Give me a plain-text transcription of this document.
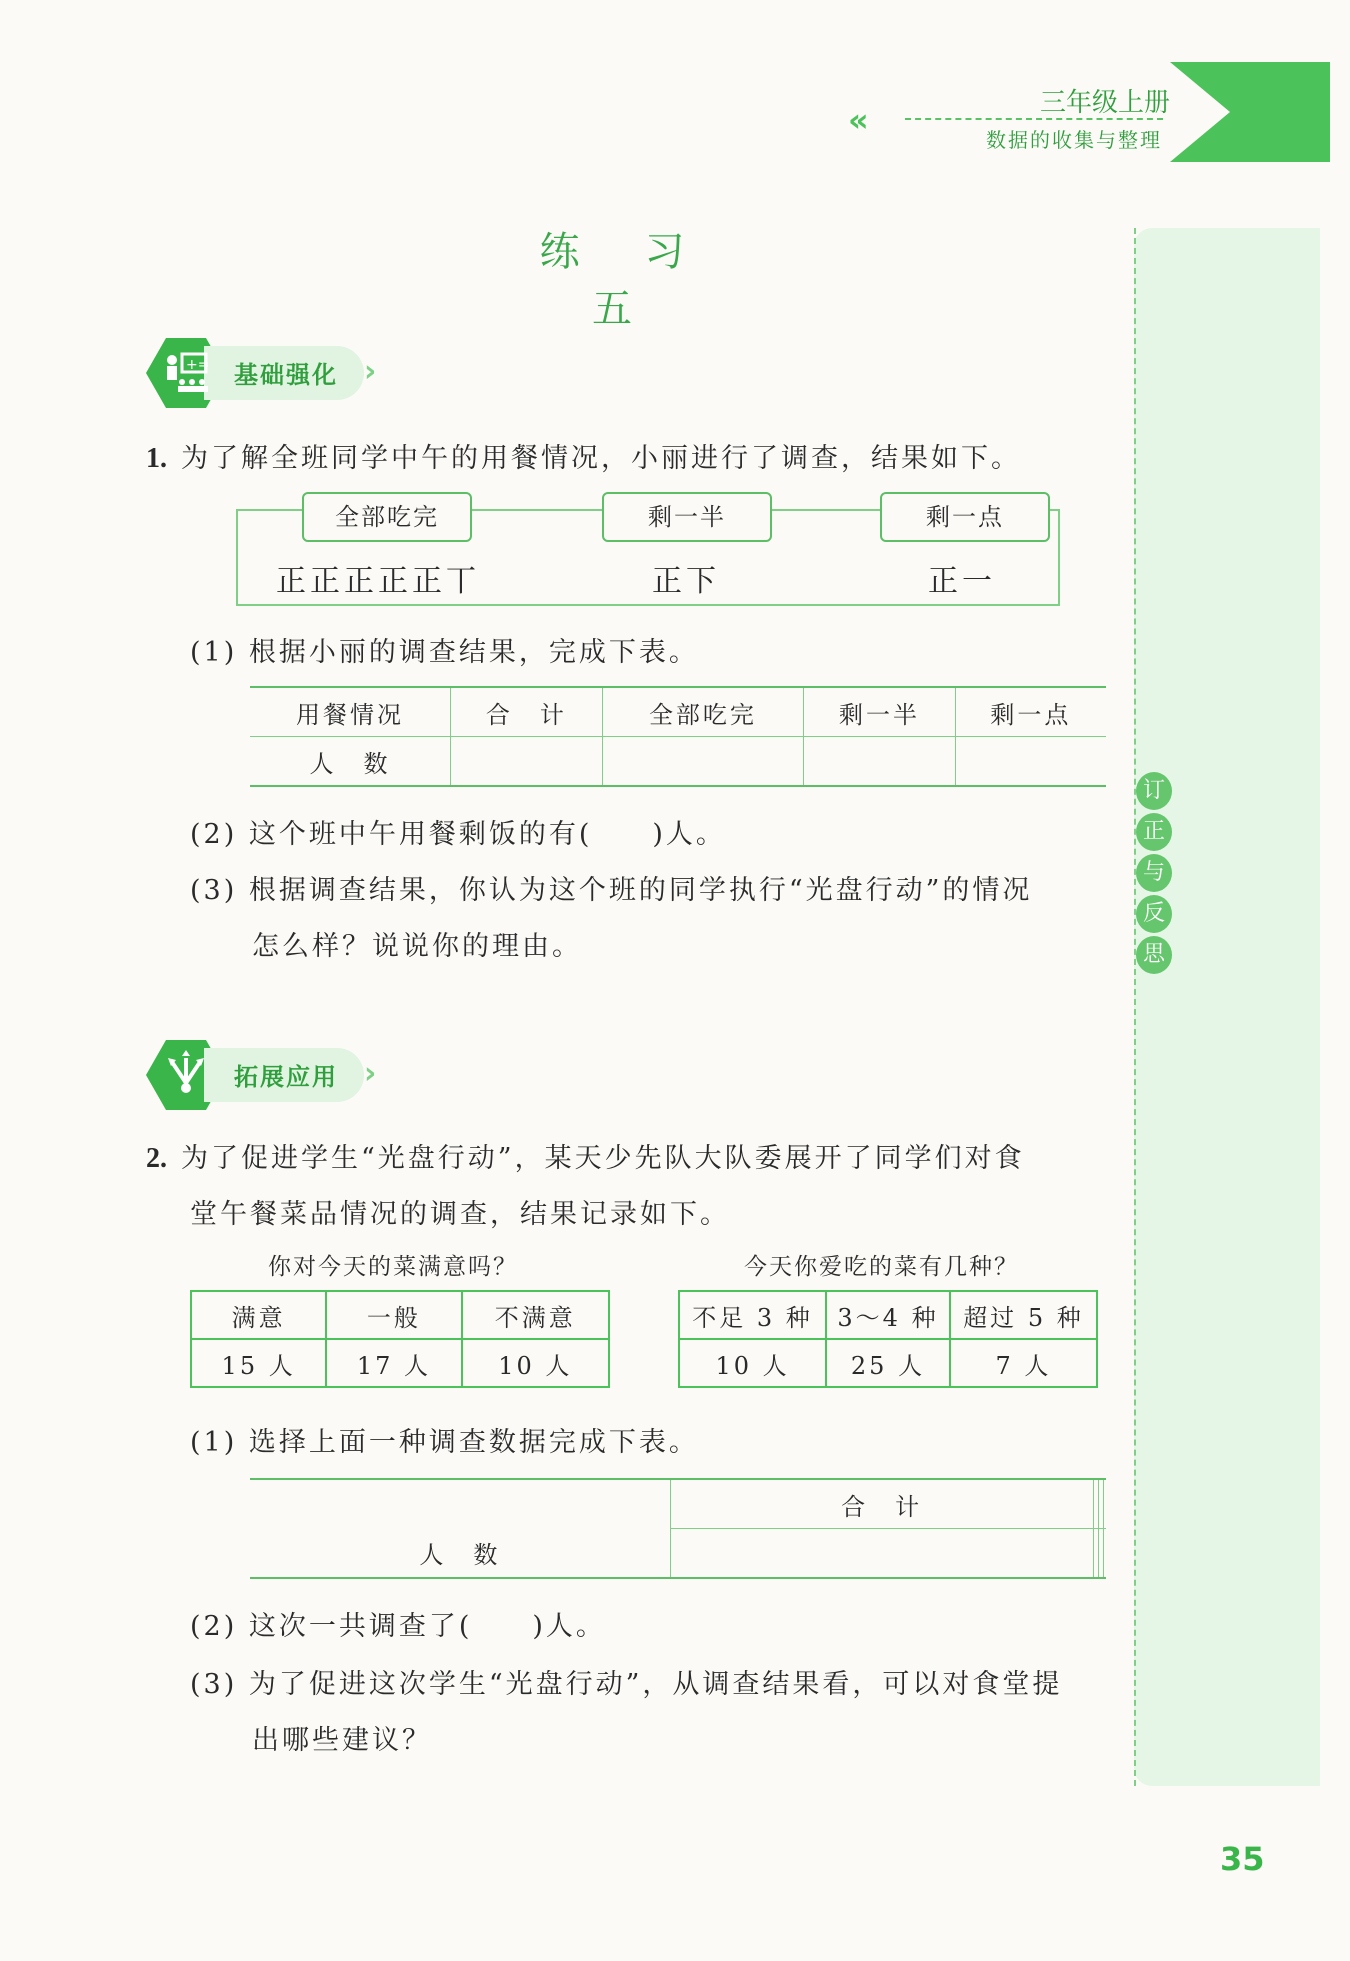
三年级上册
«
数据的收集与整理
练 习 五
订
正
与
反
思
+= 基础强化 ›
1. 为了解全班同学中午的用餐情况，小丽进行了调查，结果如下。
全部吃完	剩一半	剩一点
正正正正正丅	正下	正一
(1) 根据小丽的调查结果，完成下表。
用餐情况	合　计	全部吃完	剩一半	剩一点
人　数				
(2) 这个班中午用餐剩饭的有(　　)人。
(3) 根据调查结果，你认为这个班的同学执行“光盘行动”的情况
怎么样？说说你的理由。
拓展应用 ›
2. 为了促进学生“光盘行动”，某天少先队大队委展开了同学们对食
堂午餐菜品情况的调查，结果记录如下。
你对今天的菜满意吗？	今天你爱吃的菜有几种？
满意	一般	不满意
15 人	17 人	10 人
不足 3 种	3～4 种	超过 5 种
10 人	25 人	7 人
(1) 选择上面一种调查数据完成下表。
	合　计			
人　数				
(2) 这次一共调查了(　　)人。
(3) 为了促进这次学生“光盘行动”，从调查结果看，可以对食堂提
出哪些建议？
35
